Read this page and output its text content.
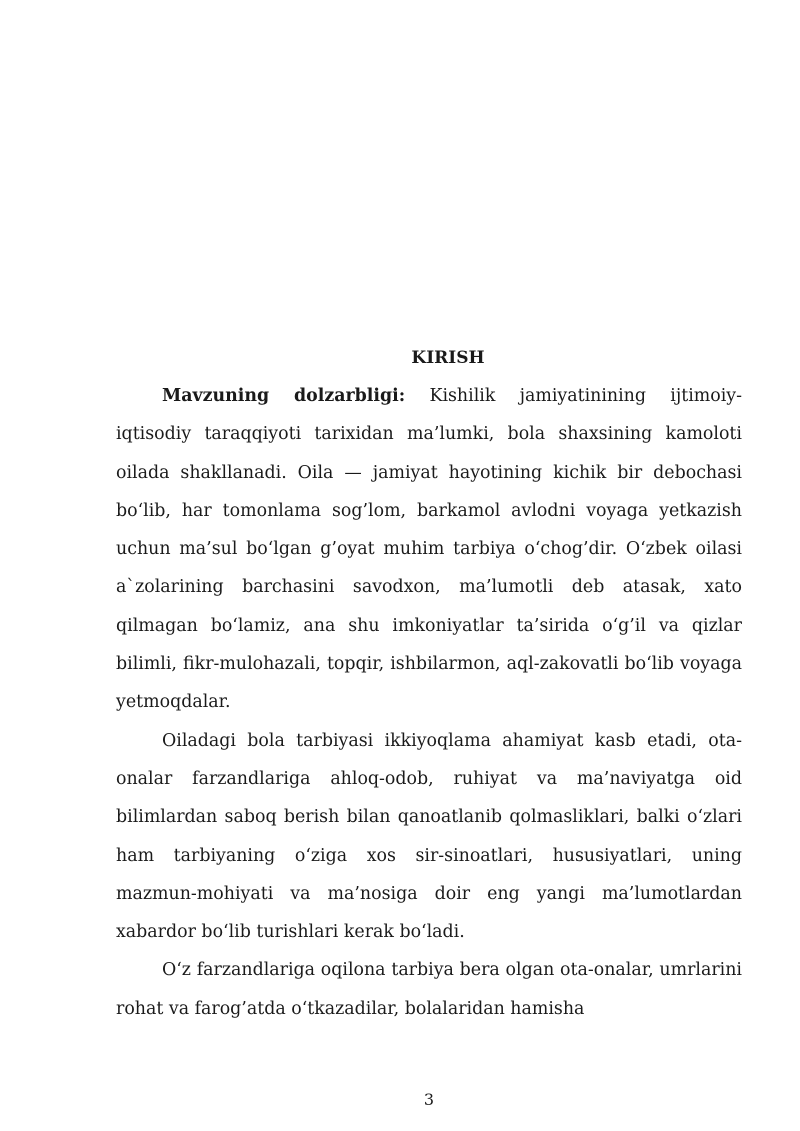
KIRISH

Mavzuning dolzarbligi: Kishilik jamiyatinining ijtimoiy-iqtisodiy taraqqiyoti tarixidan ma’lumki, bola shaxsining kamoloti oilada shakllanadi. Oila — jamiyat hayotining kichik bir debochasi bo‘lib, har tomonlama sog’lom, barkamol avlodni voyaga yetkazish uchun ma’sul bo‘lgan g’oyat muhim tarbiya o‘chog’dir. O‘zbek oilasi a`zolarining barchasini savodxon, ma’lumotli deb atasak, xato qilmagan bo‘lamiz, ana shu imkoniyatlar ta’sirida o‘g’il va qizlar bilimli, fikr-mulohazali, topqir, ishbilarmon, aql-zakovatli bo‘lib voyaga yetmoqdalar.

Oiladagi bola tarbiyasi ikkiyoqlama ahamiyat kasb etadi, ota-onalar farzandlariga ahloq-odob, ruhiyat va ma’naviyatga oid bilimlardan saboq berish bilan qanoatlanib qolmasliklari, balki o‘zlari ham tarbiyaning o‘ziga xos sir-sinoatlari, hususiyatlari, uning mazmun-mohiyati va ma’nosiga doir eng yangi ma’lumotlardan xabardor bo‘lib turishlari kerak bo‘ladi.

O‘z farzandlariga oqilona tarbiya bera olgan ota-onalar, umrlarini rohat va farog’atda o‘tkazadilar, bolalaridan hamisha

3
